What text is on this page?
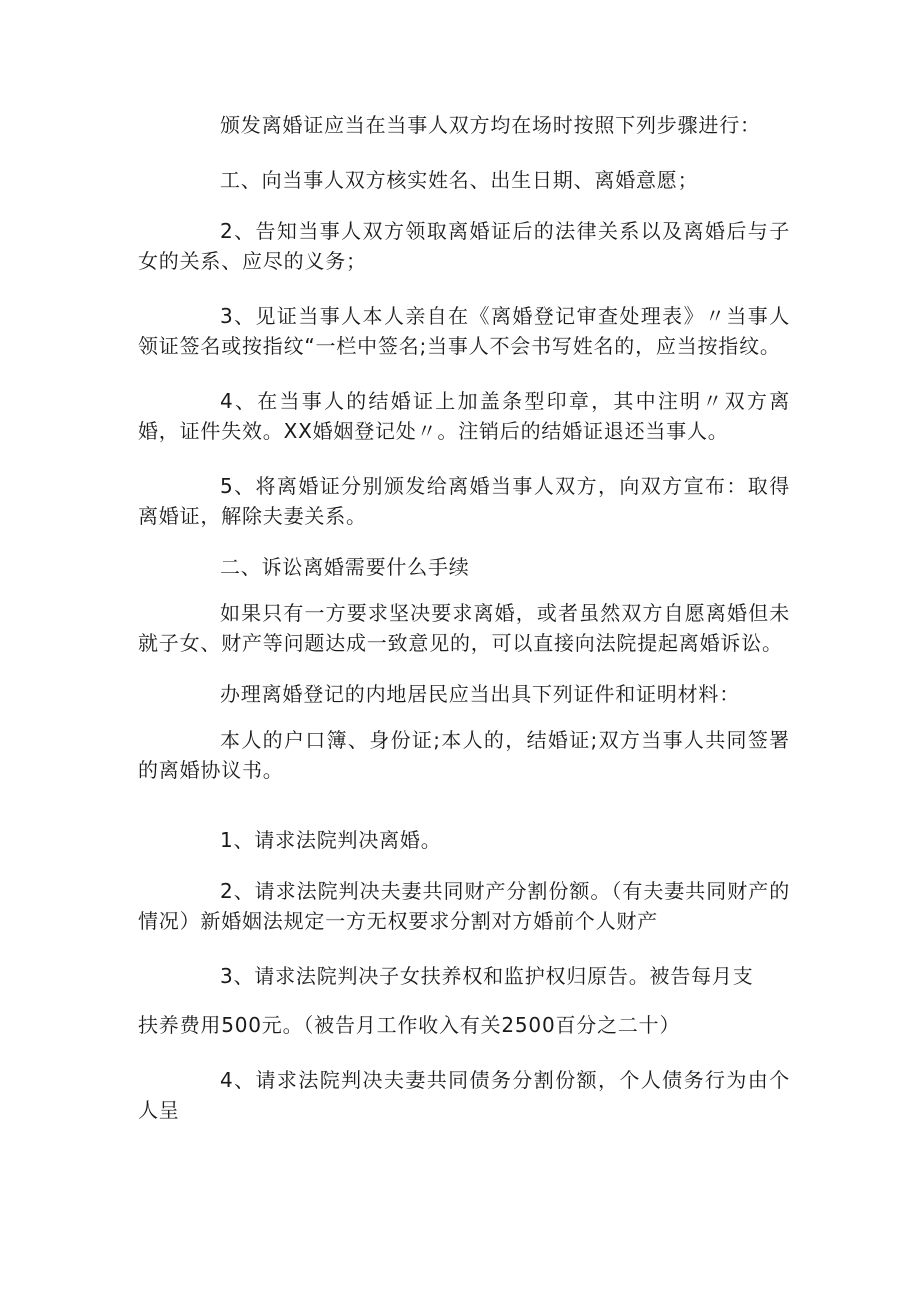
颁发离婚证应当在当事人双方均在场时按照下列步骤进行：

工、向当事人双方核实姓名、出生日期、离婚意愿；

2、告知当事人双方领取离婚证后的法律关系以及离婚后与子女的关系、应尽的义务；

3、见证当事人本人亲自在《离婚登记审查处理表》〃当事人领证签名或按指纹“一栏中签名;当事人不会书写姓名的，应当按指纹。

4、在当事人的结婚证上加盖条型印章，其中注明〃双方离婚，证件失效。XX婚姻登记处〃。注销后的结婚证退还当事人。

5、将离婚证分别颁发给离婚当事人双方，向双方宣布：取得离婚证，解除夫妻关系。

二、诉讼离婚需要什么手续

如果只有一方要求坚决要求离婚，或者虽然双方自愿离婚但未就子女、财产等问题达成一致意见的，可以直接向法院提起离婚诉讼。

办理离婚登记的内地居民应当出具下列证件和证明材料：

本人的户口簿、身份证;本人的，结婚证;双方当事人共同签署的离婚协议书。

1、请求法院判决离婚。

2、请求法院判决夫妻共同财产分割份额。（有夫妻共同财产的情况）新婚姻法规定一方无权要求分割对方婚前个人财产

3、请求法院判决子女扶养权和监护权归原告。被告每月支

扶养费用500元。（被告月工作收入有关2500百分之二十）

4、请求法院判决夫妻共同债务分割份额，个人债务行为由个人呈
